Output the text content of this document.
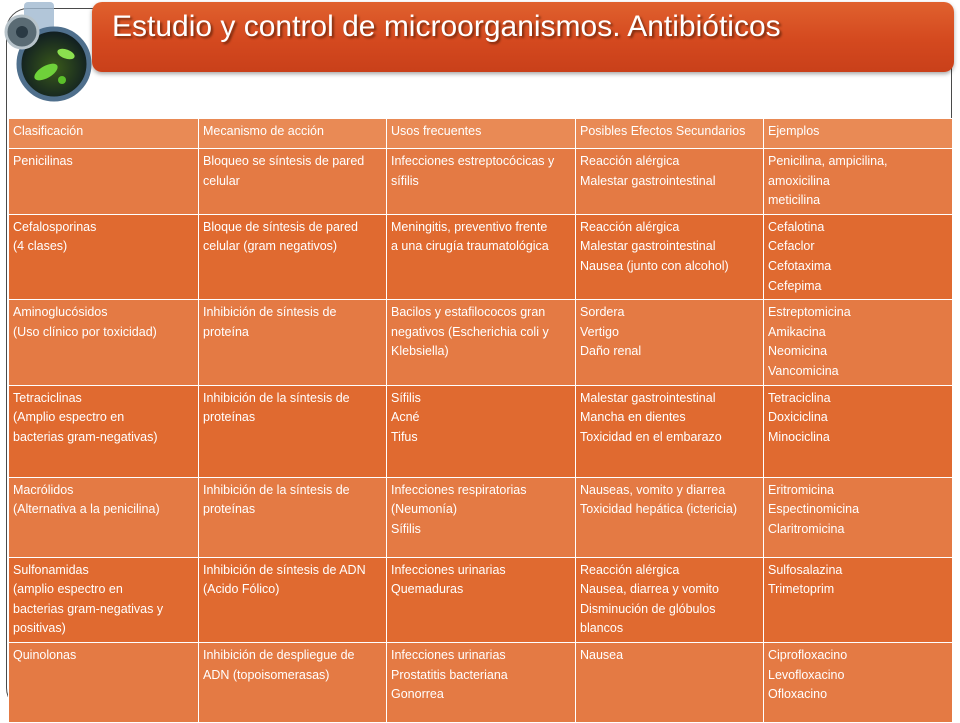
Estudio y control de microorganismos. Antibióticos
Clasificación	Mecanismo de acción	Usos frecuentes	Posibles Efectos Secundarios	Ejemplos

Penicilinas	Bloqueo se síntesis de pared
celular	Infecciones estreptocócicas y
sífilis	Reacción alérgica
Malestar gastrointestinal	Penicilina, ampicilina,
amoxicilina
meticilina

Cefalosporinas
(4 clases)	Bloque de síntesis de pared
celular (gram negativos)	Meningitis, preventivo frente
a una cirugía traumatológica	Reacción alérgica
Malestar gastrointestinal
Nausea (junto con alcohol)	Cefalotina
Cefaclor
Cefotaxima
Cefepima

Aminoglucósidos
(Uso clínico por toxicidad)	Inhibición de síntesis de
proteína	Bacilos y estafilococos gran
negativos (Escherichia coli y
Klebsiella)	Sordera
Vertigo
Daño renal	Estreptomicina
Amikacina
Neomicina
Vancomicina

Tetraciclinas
(Amplio espectro en
bacterias gram-negativas)	Inhibición de la síntesis de
proteínas	Sífilis
Acné
Tifus	Malestar gastrointestinal
Mancha en dientes
Toxicidad en el embarazo	Tetraciclina
Doxiciclina
Minociclina

Macrólidos
(Alternativa a la penicilina)	Inhibición de la síntesis de
proteínas	Infecciones respiratorias
(Neumonía)
Sífilis	Nauseas, vomito y diarrea
Toxicidad hepática (ictericia)	Eritromicina
Espectinomicina
Claritromicina

Sulfonamidas
(amplio espectro en
bacterias gram-negativas y
positivas)	Inhibición de síntesis de ADN
(Acido Fólico)	Infecciones urinarias
Quemaduras	Reacción alérgica
Nausea, diarrea y vomito
Disminución de glóbulos
blancos	Sulfosalazina
Trimetoprim

Quinolonas	Inhibición de despliegue de
ADN (topoisomerasas)	Infecciones urinarias
Prostatitis bacteriana
Gonorrea	Nausea	Ciprofloxacino
Levofloxacino
Ofloxacino
